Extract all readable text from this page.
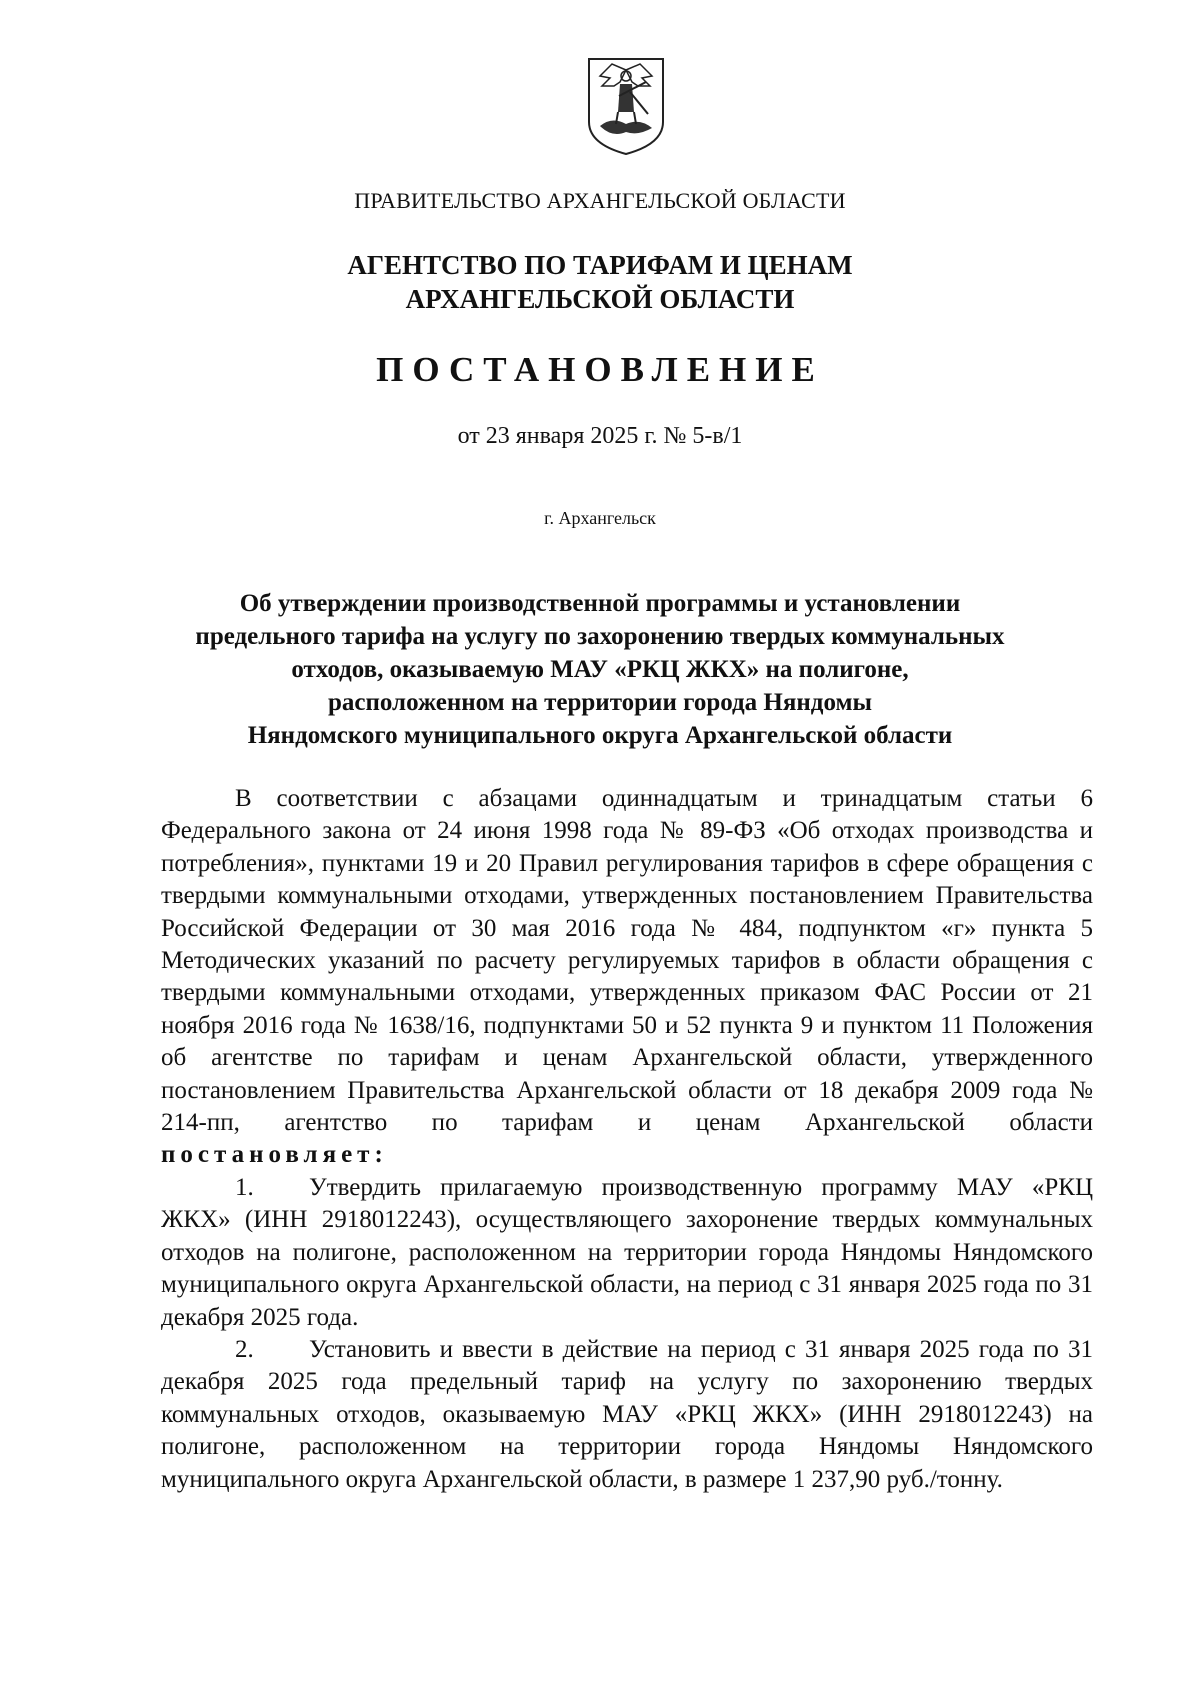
ПРАВИТЕЛЬСТВО АРХАНГЕЛЬСКОЙ ОБЛАСТИ
АГЕНТСТВО ПО ТАРИФАМ И ЦЕНАМ
АРХАНГЕЛЬСКОЙ ОБЛАСТИ
ПОСТАНОВЛЕНИЕ
от 23 января 2025 г. № 5-в/1
г. Архангельск
Об утверждении производственной программы и установлении
предельного тарифа на услугу по захоронению твердых коммунальных
отходов, оказываемую МАУ «РКЦ ЖКХ» на полигоне,
расположенном на территории города Няндомы
Няндомского муниципального округа Архангельской области

В соответствии с абзацами одиннадцатым и тринадцатым статьи 6 Федерального закона от 24 июня 1998 года № 89-ФЗ «Об отходах производства и потребления», пунктами 19 и 20 Правил регулирования тарифов в сфере обращения с твердыми коммунальными отходами, утвержденных постановлением Правительства Российской Федерации от 30 мая 2016 года № 484, подпунктом «г» пункта 5 Методических указаний по расчету регулируемых тарифов в области обращения с твердыми коммунальными отходами, утвержденных приказом ФАС России от 21 ноября 2016 года № 1638/16, подпунктами 50 и 52 пункта 9 и пунктом 11 Положения об агентстве по тарифам и ценам Архангельской области, утвержденного постановлением Правительства Архангельской области от 18 декабря 2009 года № 214-пп, агентство по тарифам и ценам Архангельской области

постановляет:

1. Утвердить прилагаемую производственную программу МАУ «РКЦ ЖКХ» (ИНН 2918012243), осуществляющего захоронение твердых коммунальных отходов на полигоне, расположенном на территории города Няндомы Няндомского муниципального округа Архангельской области, на период с 31 января 2025 года по 31 декабря 2025 года.

2. Установить и ввести в действие на период с 31 января 2025 года по 31 декабря 2025 года предельный тариф на услугу по захоронению твердых коммунальных отходов, оказываемую МАУ «РКЦ ЖКХ» (ИНН 2918012243) на полигоне, расположенном на территории города Няндомы Няндомского муниципального округа Архангельской области, в размере 1 237,90 руб./тонну.
